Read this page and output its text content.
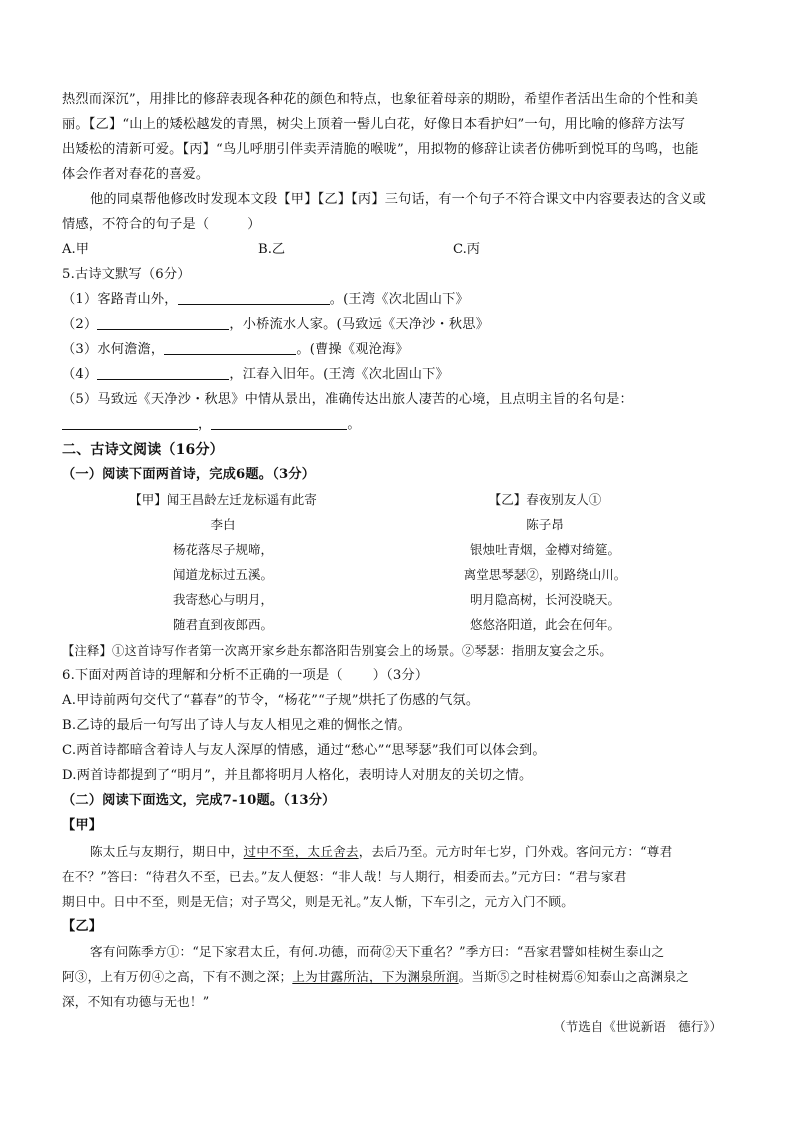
热烈而深沉”，用排比的修辞表现各种花的颜色和特点，也象征着母亲的期盼，希望作者活出生命的个性和美
丽。【乙】“山上的矮松越发的青黑，树尖上顶着一髻儿白花，好像日本看护妇”一句，用比喻的修辞方法写
出矮松的清新可爱。【丙】“鸟儿呼朋引伴卖弄清脆的喉咙”，用拟物的修辞让读者仿佛听到悦耳的鸟鸣，也能
体会作者对春花的喜爱。
他的同桌帮他修改时发现本文段【甲】【乙】【丙】三句话，有一个句子不符合课文中内容要表达的含义或
情感，不符合的句子是（	）
A.甲	B.乙	C.丙
5.古诗文默写（6分）
（1）客路青山外，	。(王湾《次北固山下》
（2）	，小桥流水人家。(马致远《天净沙・秋思》
（3）水何澹澹，	。(曹操《观沧海》
（4）	，江春入旧年。(王湾《次北固山下》
（5）马致远《天净沙・秋思》中情从景出，准确传达出旅人凄苦的心境，且点明主旨的名句是：
，	。
二、古诗文阅读（16分）
（一）阅读下面两首诗，完成6题。（3分）
【甲】闻王昌龄左迁龙标遥有此寄
李白
杨花落尽子规啼，
闻道龙标过五溪。
我寄愁心与明月，
随君直到夜郎西。
【乙】春夜别友人①
陈子昂
银烛吐青烟，金樽对绮筵。
离堂思琴瑟②，别路绕山川。
明月隐高树，长河没晓天。
悠悠洛阳道，此会在何年。
【注释】①这首诗写作者第一次离开家乡赴东都洛阳告别宴会上的场景。②琴瑟：指朋友宴会之乐。
6.下面对两首诗的理解和分析不正确的一项是（ ）（3分）
A.甲诗前两句交代了“暮春”的节令，“杨花”“子规”烘托了伤感的气氛。
B.乙诗的最后一句写出了诗人与友人相见之难的惆怅之情。
C.两首诗都暗含着诗人与友人深厚的情感，通过“愁心”“思琴瑟”我们可以体会到。
D.两首诗都提到了“明月”，并且都将明月人格化，表明诗人对朋友的关切之情。
（二）阅读下面选文，完成7-10题。（13分）
【甲】
陈太丘与友期行，期日中，过中不至，太丘舍去，去后乃至。元方时年七岁，门外戏。客问元方：“尊君
在不？”答曰：“待君久不至，已去。”友人便怒：“非人哉！与人期行，相委而去。”元方曰：“君与家君
期日中。日中不至，则是无信；对子骂父，则是无礼。”友人惭，下车引之，元方入门不顾。
【乙】
客有问陈季方①：“足下家君太丘，有何.功德，而荷②天下重名？”季方曰：“吾家君譬如桂树生泰山之
阿③，上有万仞④之高，下有不测之深；上为甘露所沾，下为渊泉所润。当斯⑤之时桂树焉⑥知泰山之高渊泉之
深，不知有功德与无也！”
（节选自《世说新语　德行》）
